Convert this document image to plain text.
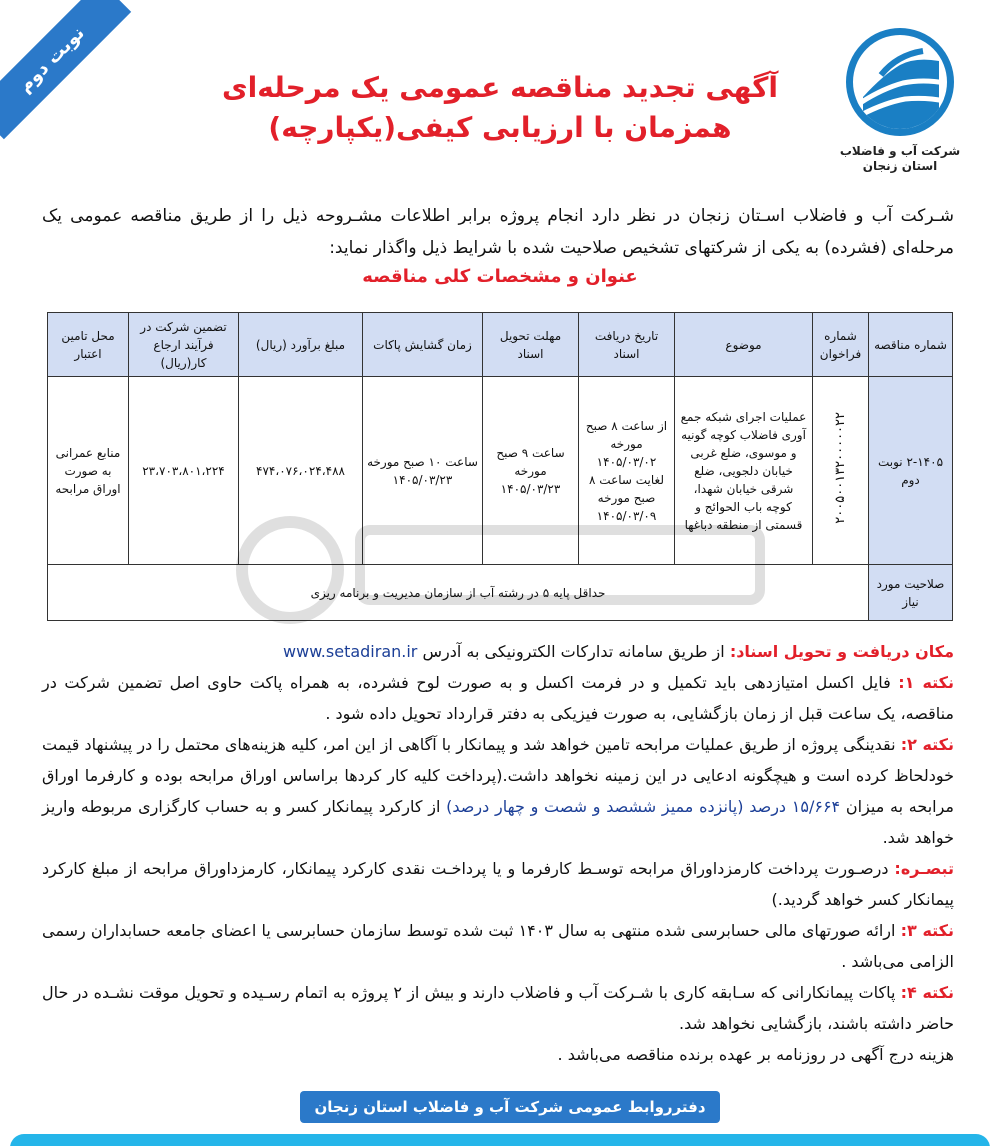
نوبت دوم
شرکت آب و فاضلاب
استان زنجان
آگهی تجدید مناقصه عمومی یک مرحله‌ای
همزمان با ارزیابی کیفی(یکپارچه)
شـرکت آب و فاضلاب اسـتان زنجان در نظر دارد انجام پروژه برابر اطلاعات مشـروحه ذیل را از طریق مناقصه عمومی یک مرحله‌ای (فشرده) به یکی از شرکتهای تشخیص صلاحیت شده با شرایط ذیل واگذار نماید:
عنوان و مشخصات کلی مناقصه
شماره مناقصه	شماره فراخوان	موضوع	تاریخ دریافت اسناد	مهلت تحویل اسناد	زمان گشایش پاکات	مبلغ برآورد (ریال)	تضمین شرکت در فرآیند ارجاع کار(ریال)	محل تامین اعتبار
۲-۱۴۰۵ نوبت دوم	۲۰۰۵۰۰۱۳۲۰۰۰۰۰۲۲	عملیات اجرای شبکه جمع آوری فاضلاب کوچه گونیه و موسوی، ضلع غربی خیابان دلجویی، ضلع شرقی خیابان شهدا، کوچه باب الحوائج و قسمتی از منطقه دباغها	از ساعت ۸ صبح مورخه ۱۴۰۵/۰۳/۰۲ لغایت ساعت ۸ صبح مورخه ۱۴۰۵/۰۳/۰۹	ساعت ۹ صبح مورخه ۱۴۰۵/۰۳/۲۳	ساعت ۱۰ صبح مورخه ۱۴۰۵/۰۳/۲۳	۴۷۴،۰۷۶،۰۲۴،۴۸۸	۲۳،۷۰۳،۸۰۱،۲۲۴	منابع عمرانی به صورت اوراق مرابحه
صلاحیت مورد نیاز	حداقل پایه ۵ در رشته آب از سازمان مدیریت و برنامه ریزی							

مکان دریافت و تحویل اسناد: از طریق سامانه تدارکات الکترونیکی به آدرس www.setadiran.ir

نکته ۱: فایل اکسل امتیازدهی باید تکمیل و در فرمت اکسل و به صورت لوح فشرده، به همراه پاکت حاوی اصل تضمین شرکت در مناقصه، یک ساعت قبل از زمان بازگشایی، به صورت فیزیکی به دفتر قرارداد تحویل داده شود .

نکته ۲: نقدینگی پروژه از طریق عملیات مرابحه تامین خواهد شد و پیمانکار با آگاهی از این امر، کلیه هزینه‌های محتمل را در پیشنهاد قیمت خودلحاظ کرده است و هیچگونه ادعایی در این زمینه نخواهد داشت.(پرداخت کلیه کار کردها براساس اوراق مرابحه بوده و کارفرما اوراق مرابحه به میزان ۱۵/۶۶۴ درصد (پانزده ممیز ششصد و شصت و چهار درصد) از کارکرد پیمانکار کسر و به حساب کارگزاری مربوطه واریز خواهد شد.

تبصـره: درصـورت پرداخت کارمزداوراق مرابحه توسـط کارفرما و یا پرداخـت نقدی کارکرد پیمانکار، کارمزداوراق مرابحه از مبلغ کارکرد پیمانکار کسر خواهد گردید.)

نکته ۳: ارائه صورتهای مالی حسابرسی شده منتهی به سال ۱۴۰۳ ثبت شده توسط سازمان حسابرسی یا اعضای جامعه حسابداران رسمی الزامی می‌باشد .

نکته ۴: پاکات پیمانکارانی که سـابقه کاری با شـرکت آب و فاضلاب دارند و بیش از ۲ پروژه به اتمام رسـیده و تحویل موقت نشـده در حال حاضر داشته باشند، بازگشایی نخواهد شد.

هزینه درج آگهی در روزنامه بر عهده برنده مناقصه می‌باشد .

دفترروابط عمومی شرکت آب و فاضلاب استان زنجان
